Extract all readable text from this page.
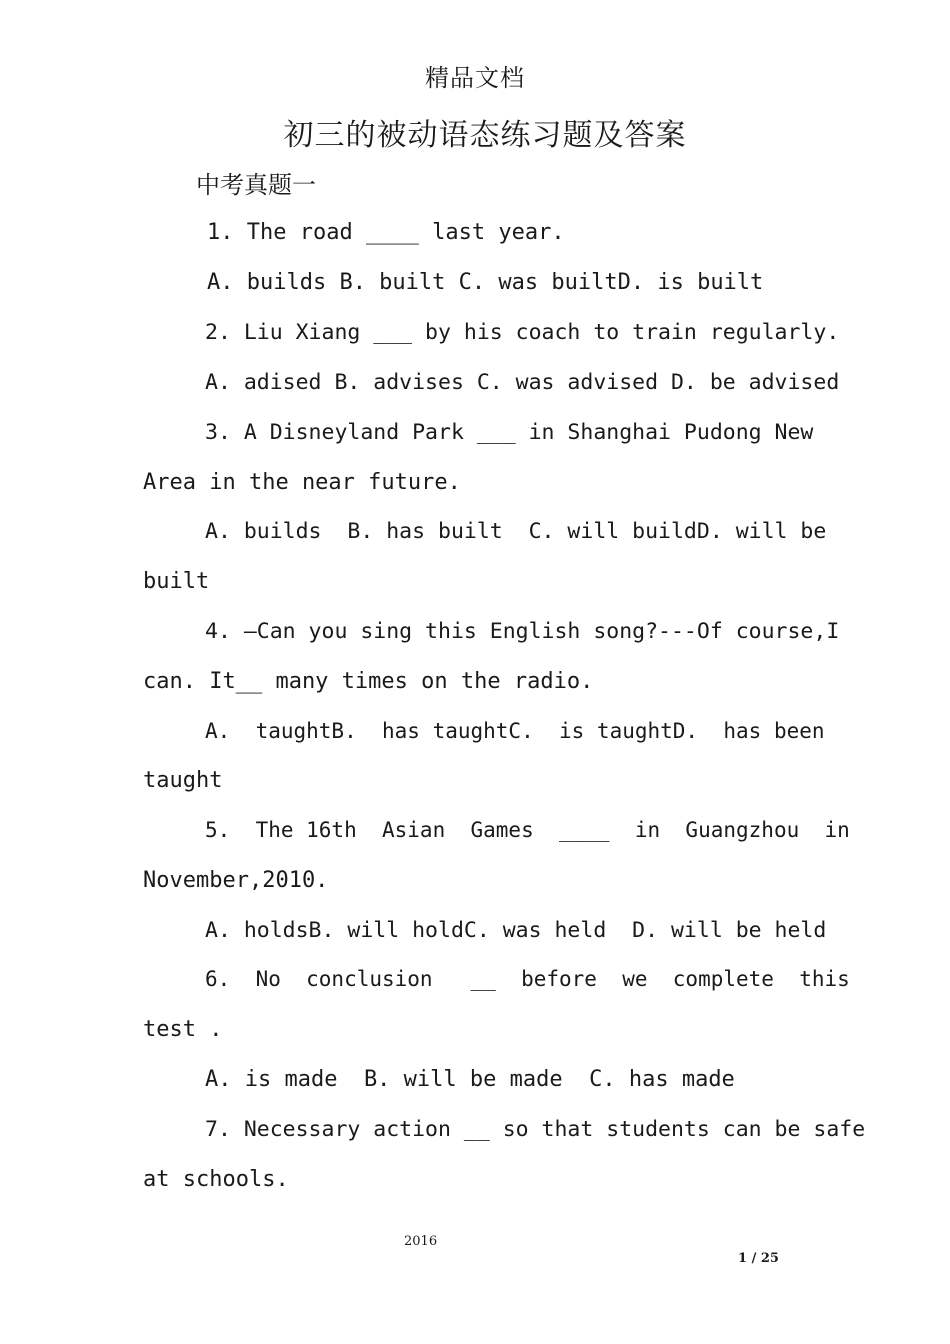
精品文档
初三的被动语态练习题及答案
中考真题一
1. The road ____ last year.
A. builds B. built C. was builtD. is built
2. Liu Xiang ___ by his coach to train regularly.
A. adised B. advises C. was advised D. be advised
3. A Disneyland Park ___ in Shanghai Pudong New
Area in the near future.
A. builds  B. has built  C. will buildD. will be
built
4. –Can you sing this English song?---Of course,I
can. It__ many times on the radio.
A.  taughtB.  has taughtC.  is taughtD.  has been
taught
5.  The 16th  Asian  Games  ____  in  Guangzhou  in
November,2010.
A. holdsB. will holdC. was held  D. will be held
6.  No  conclusion   __  before  we  complete  this
test .
A. is made  B. will be made  C. has made
7. Necessary action __ so that students can be safe
at schools.
2016
1 / 25
